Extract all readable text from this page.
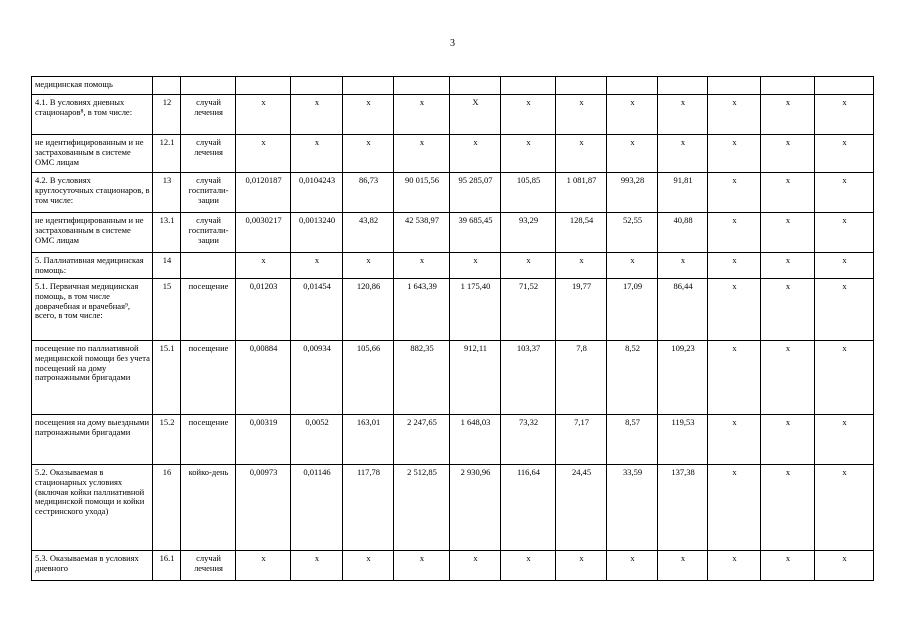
3
медицинская помощь														
4.1. В условиях дневных стационаров⁸, в том числе:	12	случай лечения	x	x	x	x	X	x	x	x	x	x	x	x
не идентифицированным и не застрахованным в системе ОМС лицам	12.1	случай лечения	x	x	x	x	x	x	x	x	x	x	x	x
4.2. В условиях круглосуточных стационаров, в том числе:	13	случай госпитали-зации	0,0120187	0,0104243	86,73	90 015,56	95 285,07	105,85	1 081,87	993,28	91,81	x	x	x
не идентифицированным и не застрахованным в системе ОМС лицам	13.1	случай госпитали-зации	0,0030217	0,0013240	43,82	42 538,97	39 685,45	93,29	128,54	52,55	40,88	x	x	x
5. Паллиативная медицинская помощь:	14		x	x	x	x	x	x	x	x	x	x	x	x
5.1. Первичная медицинская помощь, в том числе доврачебная и врачебная⁹, всего, в том числе:	15	посещение	0,01203	0,01454	120,86	1 643,39	1 175,40	71,52	19,77	17,09	86,44	x	x	x
посещение по паллиативной медицинской помощи без учета посещений на дому патронажными бригадами	15.1	посещение	0,00884	0,00934	105,66	882,35	912,11	103,37	7,8	8,52	109,23	x	x	x
посещения на дому выездными патронажными бригадами	15.2	посещение	0,00319	0,0052	163,01	2 247,65	1 648,03	73,32	7,17	8,57	119,53	x	x	x
5.2. Оказываемая в стационарных условиях (включая койки паллиативной медицинской помощи и койки сестринского ухода)	16	койко-день	0,00973	0,01146	117,78	2 512,85	2 930,96	116,64	24,45	33,59	137,38	x	x	x
5.3. Оказываемая в условиях дневного	16.1	случай лечения	x	x	x	x	x	x	x	x	x	x	x	x
